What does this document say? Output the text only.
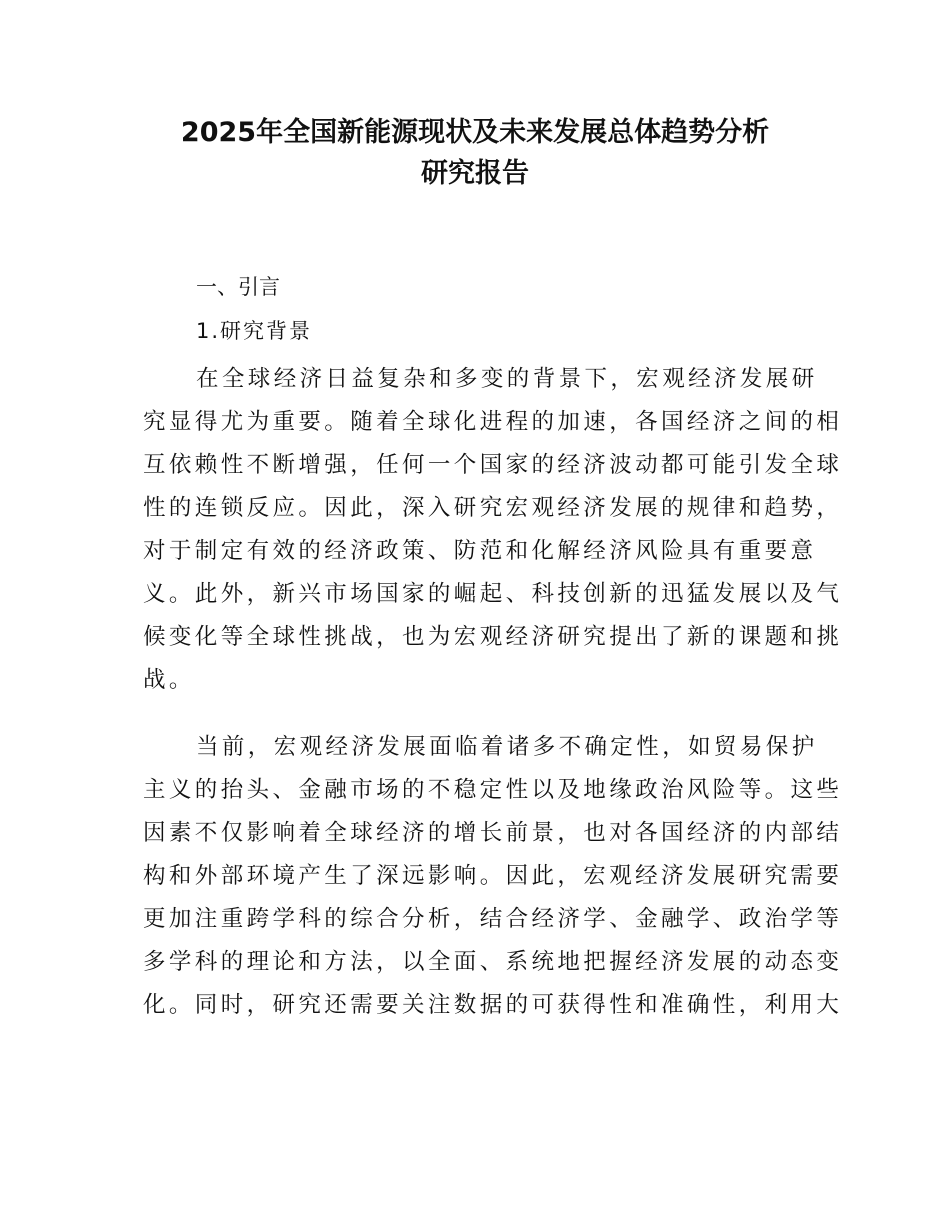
2025年全国新能源现状及未来发展总体趋势分析
研究报告
一、引言
1.研究背景

在全球经济日益复杂和多变的背景下，宏观经济发展研

究显得尤为重要。随着全球化进程的加速，各国经济之间的相

互依赖性不断增强，任何一个国家的经济波动都可能引发全球

性的连锁反应。因此，深入研究宏观经济发展的规律和趋势，

对于制定有效的经济政策、防范和化解经济风险具有重要意

义。此外，新兴市场国家的崛起、科技创新的迅猛发展以及气

候变化等全球性挑战，也为宏观经济研究提出了新的课题和挑

战。

当前，宏观经济发展面临着诸多不确定性，如贸易保护

主义的抬头、金融市场的不稳定性以及地缘政治风险等。这些

因素不仅影响着全球经济的增长前景，也对各国经济的内部结

构和外部环境产生了深远影响。因此，宏观经济发展研究需要

更加注重跨学科的综合分析，结合经济学、金融学、政治学等

多学科的理论和方法，以全面、系统地把握经济发展的动态变

化。同时，研究还需要关注数据的可获得性和准确性，利用大
